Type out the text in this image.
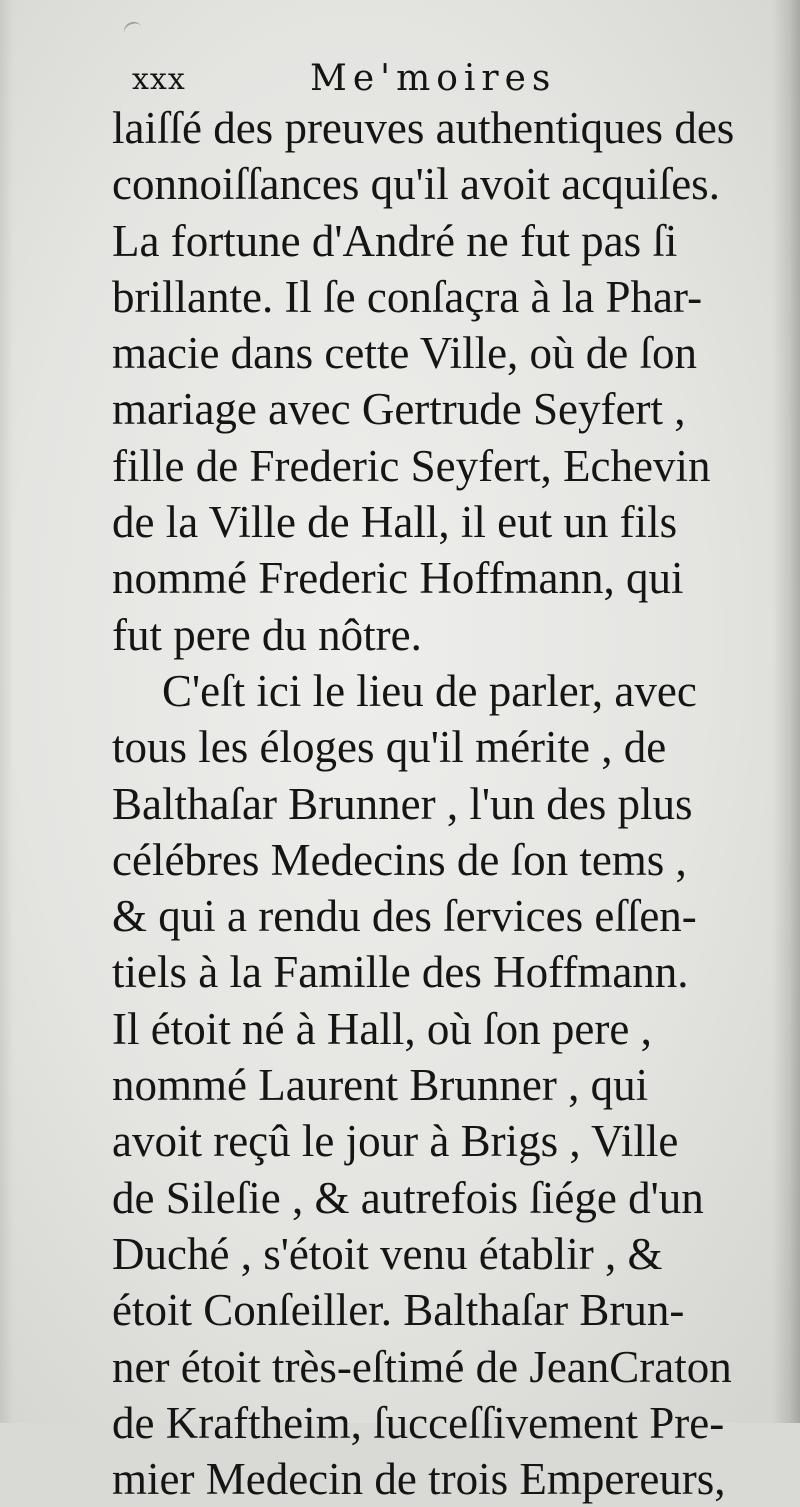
xxx	Me'moires
laiſſé des preuves authentiques des
connoiſſances qu'il avoit acquiſes.
La fortune d'André ne fut pas ſi
brillante. Il ſe conſaçra à la Phar-
macie dans cette Ville, où de ſon
mariage avec Gertrude Seyfert ,
fille de Frederic Seyfert, Echevin
de la Ville de Hall, il eut un fils
nommé Frederic Hoffmann, qui
fut pere du nôtre.
C'eſt ici le lieu de parler, avec
tous les éloges qu'il mérite , de
Balthaſar Brunner , l'un des plus
célébres Medecins de ſon tems ,
& qui a rendu des ſervices eſſen-
tiels à la Famille des Hoffmann.
Il étoit né à Hall, où ſon pere ,
nommé Laurent Brunner , qui
avoit reçû le jour à Brigs , Ville
de Sileſie , & autrefois ſiége d'un
Duché , s'étoit venu établir , &
étoit Conſeiller. Balthaſar Brun-
ner étoit très-eſtimé de JeanCraton
de Kraftheim, ſucceſſivement Pre-
mier Medecin de trois Empereurs,
